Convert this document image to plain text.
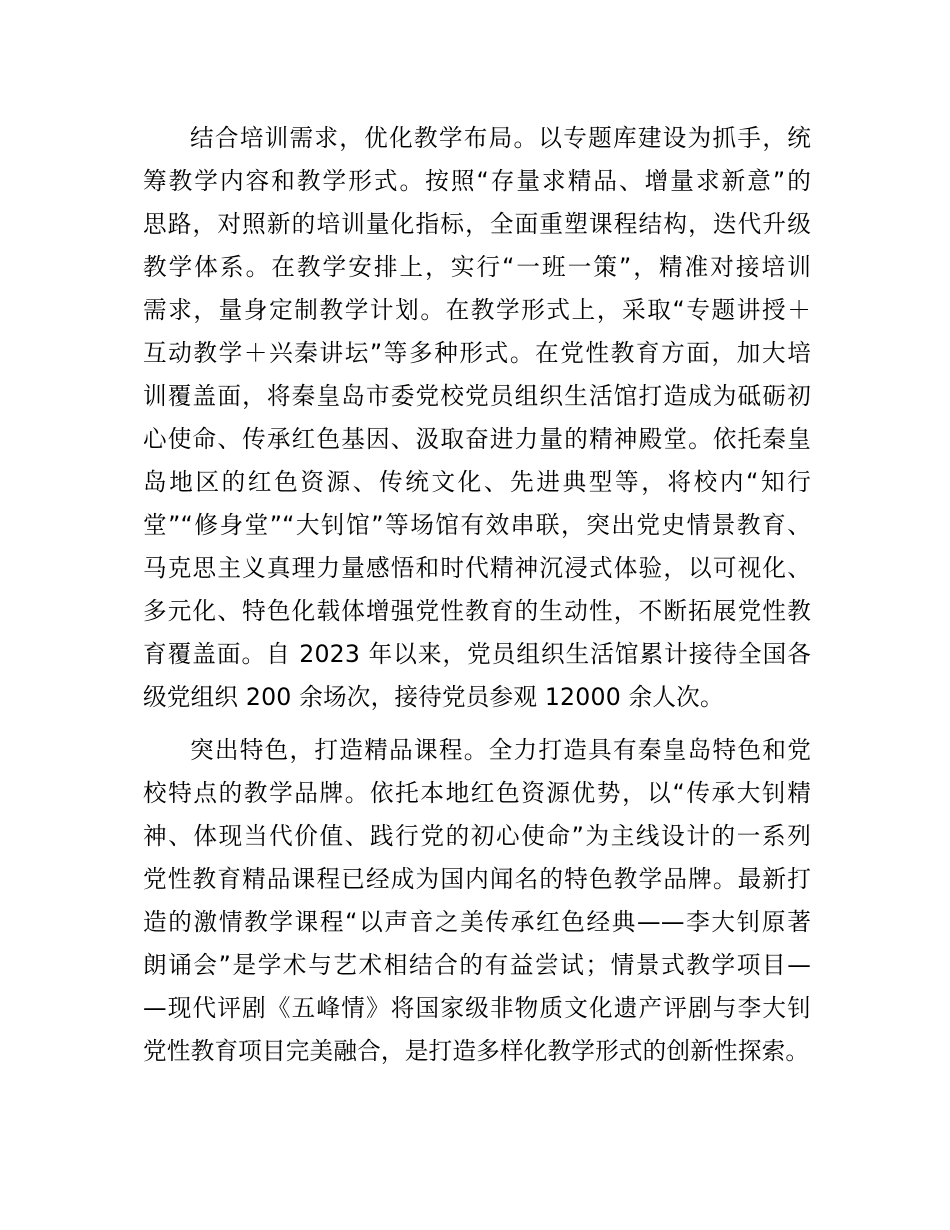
结合培训需求，优化教学布局。以专题库建设为抓手，统
筹教学内容和教学形式。按照“存量求精品、增量求新意”的
思路，对照新的培训量化指标，全面重塑课程结构，迭代升级
教学体系。在教学安排上，实行“一班一策”，精准对接培训
需求，量身定制教学计划。在教学形式上，采取“专题讲授＋
互动教学＋兴秦讲坛”等多种形式。在党性教育方面，加大培
训覆盖面，将秦皇岛市委党校党员组织生活馆打造成为砥砺初
心使命、传承红色基因、汲取奋进力量的精神殿堂。依托秦皇
岛地区的红色资源、传统文化、先进典型等，将校内“知行
堂”“修身堂”“大钊馆”等场馆有效串联，突出党史情景教育、
马克思主义真理力量感悟和时代精神沉浸式体验，以可视化、
多元化、特色化载体增强党性教育的生动性，不断拓展党性教
育覆盖面。自 2023 年以来，党员组织生活馆累计接待全国各
级党组织 200 余场次，接待党员参观 12000 余人次。

突出特色，打造精品课程。全力打造具有秦皇岛特色和党
校特点的教学品牌。依托本地红色资源优势，以“传承大钊精
神、体现当代价值、践行党的初心使命”为主线设计的一系列
党性教育精品课程已经成为国内闻名的特色教学品牌。最新打
造的激情教学课程“以声音之美传承红色经典——李大钊原著
朗诵会”是学术与艺术相结合的有益尝试；情景式教学项目—
—现代评剧《五峰情》将国家级非物质文化遗产评剧与李大钊
党性教育项目完美融合，是打造多样化教学形式的创新性探索。
